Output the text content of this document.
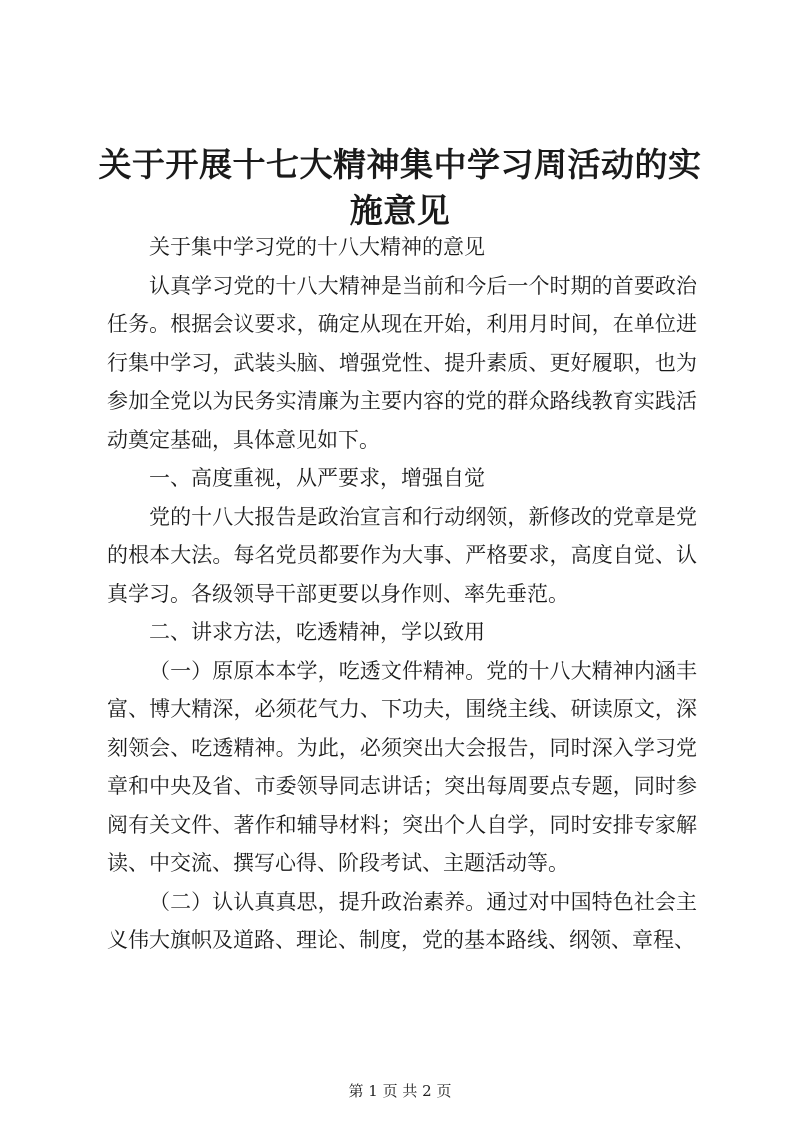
关于开展十七大精神集中学习周活动的实施意见

关于集中学习党的十八大精神的意见

认真学习党的十八大精神是当前和今后一个时期的首要政治任务。根据会议要求，确定从现在开始，利用月时间，在单位进行集中学习，武装头脑、增强党性、提升素质、更好履职，也为参加全党以为民务实清廉为主要内容的党的群众路线教育实践活动奠定基础，具体意见如下。

一、高度重视，从严要求，增强自觉

党的十八大报告是政治宣言和行动纲领，新修改的党章是党的根本大法。每名党员都要作为大事、严格要求，高度自觉、认真学习。各级领导干部更要以身作则、率先垂范。

二、讲求方法，吃透精神，学以致用

（一）原原本本学，吃透文件精神。党的十八大精神内涵丰富、博大精深，必须花气力、下功夫，围绕主线、研读原文，深刻领会、吃透精神。为此，必须突出大会报告，同时深入学习党章和中央及省、市委领导同志讲话；突出每周要点专题，同时参阅有关文件、著作和辅导材料；突出个人自学，同时安排专家解读、中交流、撰写心得、阶段考试、主题活动等。

（二）认认真真思，提升政治素养。通过对中国特色社会主义伟大旗帜及道路、理论、制度，党的基本路线、纲领、章程、

第 1 页 共 2 页
